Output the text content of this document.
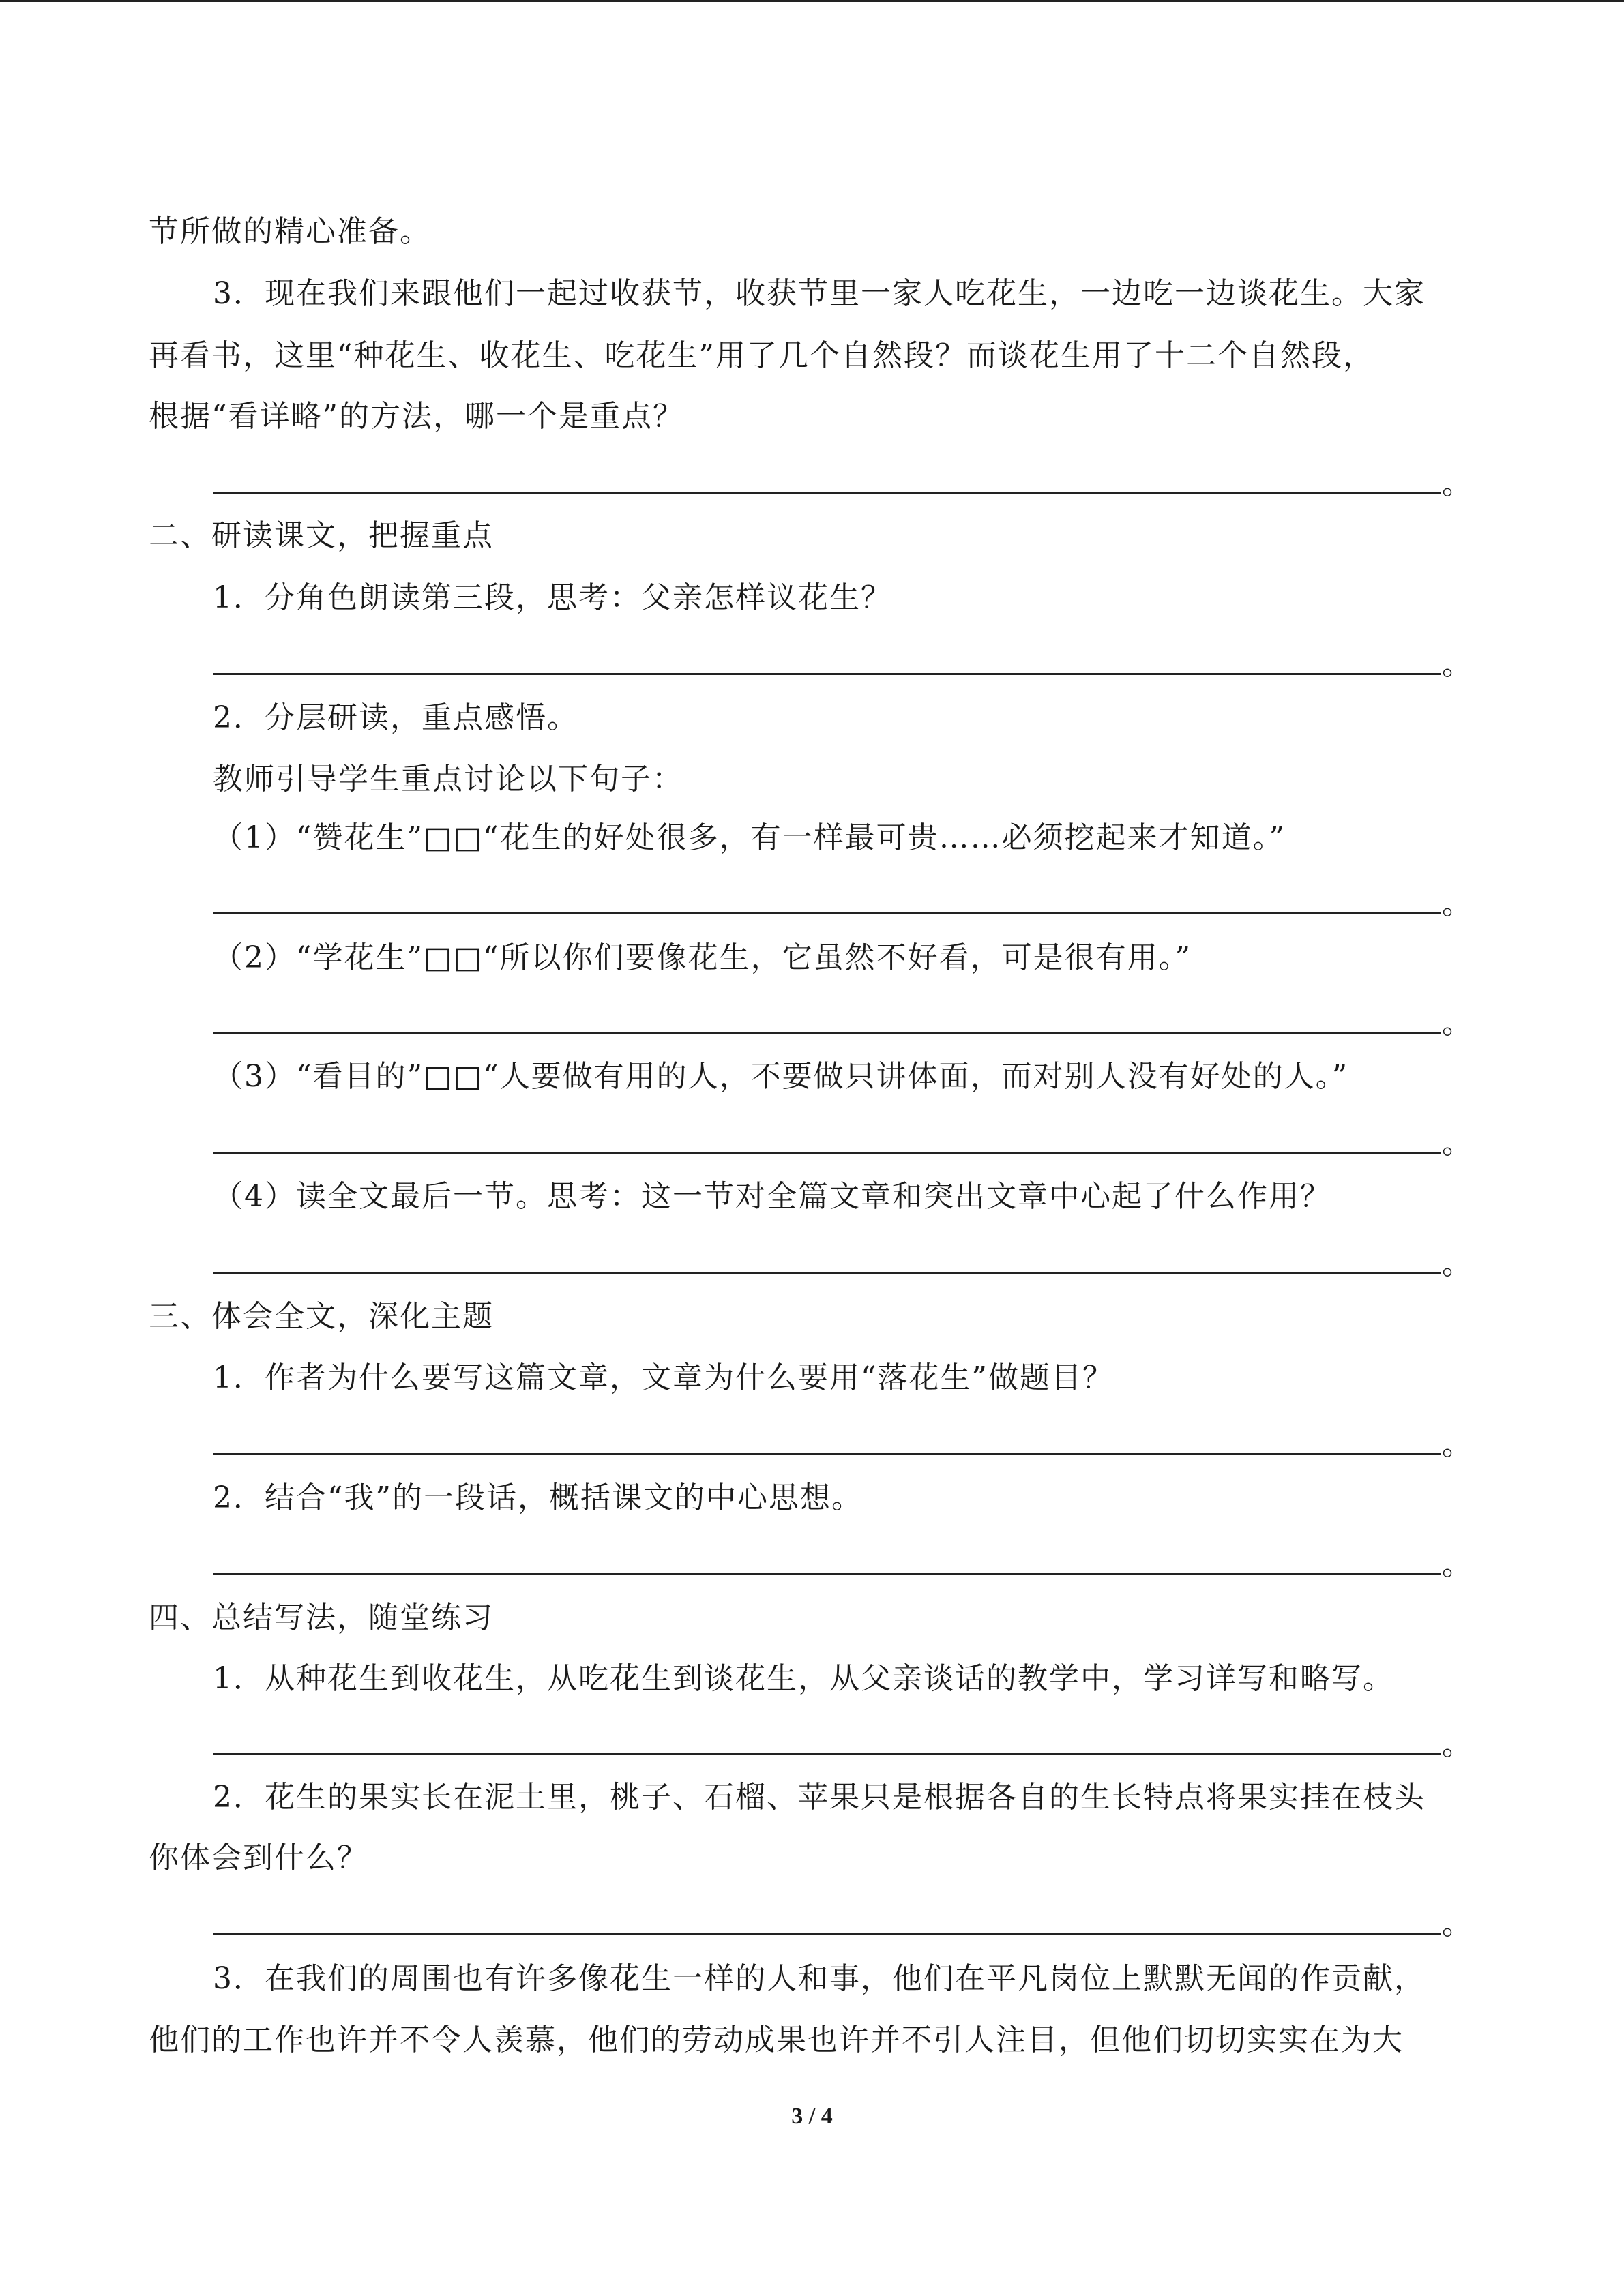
节所做的精心准备。
3．现在我们来跟他们一起过收获节，收获节里一家人吃花生，一边吃一边谈花生。大家
再看书，这里“种花生、收花生、吃花生”用了几个自然段？而谈花生用了十二个自然段，
根据“看详略”的方法，哪一个是重点？
。
二、研读课文，把握重点
1．分角色朗读第三段，思考：父亲怎样议花生？
。
2．分层研读，重点感悟。
教师引导学生重点讨论以下句子：
（1）“赞花生”□□“花生的好处很多，有一样最可贵……必须挖起来才知道。”
。
（2）“学花生”□□“所以你们要像花生，它虽然不好看，可是很有用。”
。
（3）“看目的”□□“人要做有用的人，不要做只讲体面，而对别人没有好处的人。”
。
（4）读全文最后一节。思考：这一节对全篇文章和突出文章中心起了什么作用？
。
三、体会全文，深化主题
1．作者为什么要写这篇文章，文章为什么要用“落花生”做题目？
。
2．结合“我”的一段话，概括课文的中心思想。
。
四、总结写法，随堂练习
1．从种花生到收花生，从吃花生到谈花生，从父亲谈话的教学中，学习详写和略写。
。
2．花生的果实长在泥土里，桃子、石榴、苹果只是根据各自的生长特点将果实挂在枝头
你体会到什么？
。
3．在我们的周围也有许多像花生一样的人和事，他们在平凡岗位上默默无闻的作贡献，
他们的工作也许并不令人羡慕，他们的劳动成果也许并不引人注目，但他们切切实实在为大
3 / 4
